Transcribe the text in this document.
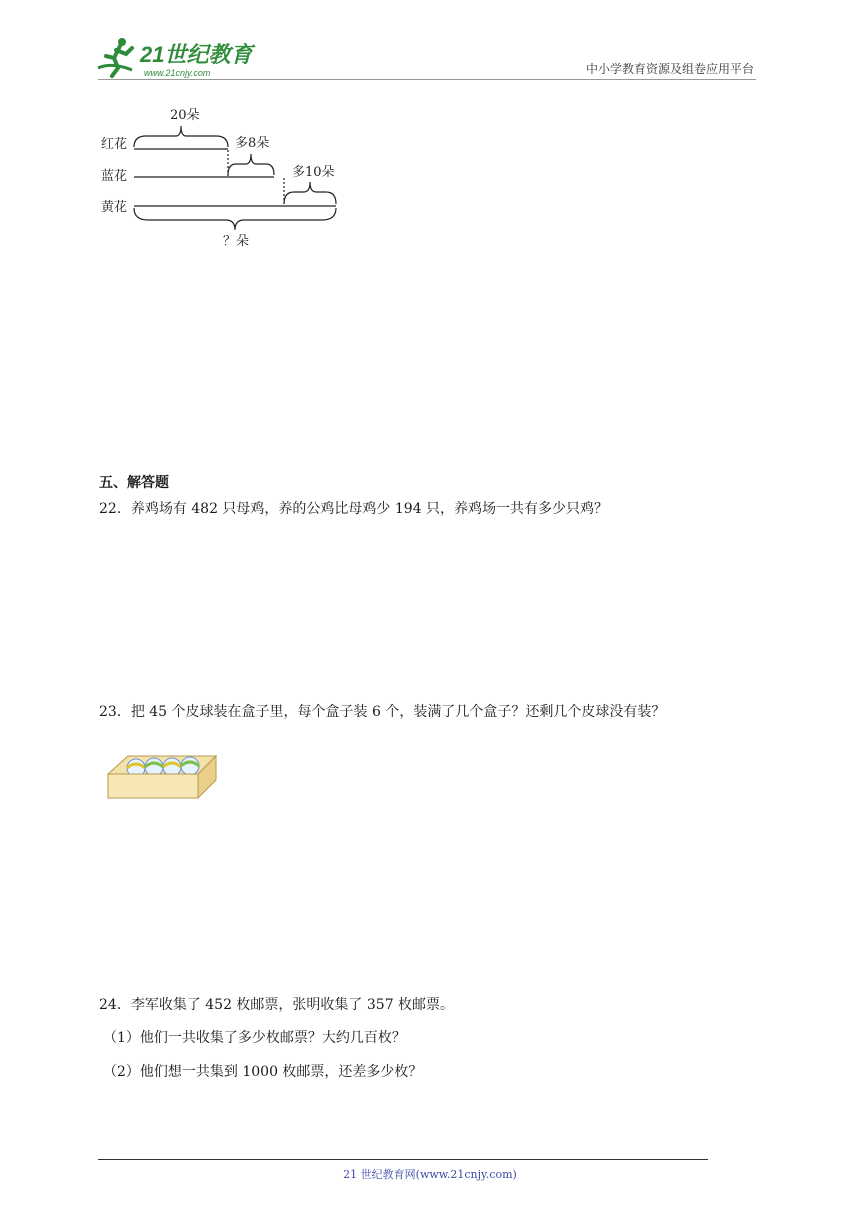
21世纪教育
www.21cnjy.com	中小学教育资源及组卷应用平台
红花
蓝花
黄花
20朵
多8朵
多10朵
？朵
五、解答题
22．养鸡场有 482 只母鸡，养的公鸡比母鸡少 194 只，养鸡场一共有多少只鸡？
23．把 45 个皮球装在盒子里，每个盒子装 6 个，装满了几个盒子？还剩几个皮球没有装？
24．李军收集了 452 枚邮票，张明收集了 357 枚邮票。
（1）他们一共收集了多少枚邮票？大约几百枚？
（2）他们想一共集到 1000 枚邮票，还差多少枚？
21 世纪教育网(www.21cnjy.com)
